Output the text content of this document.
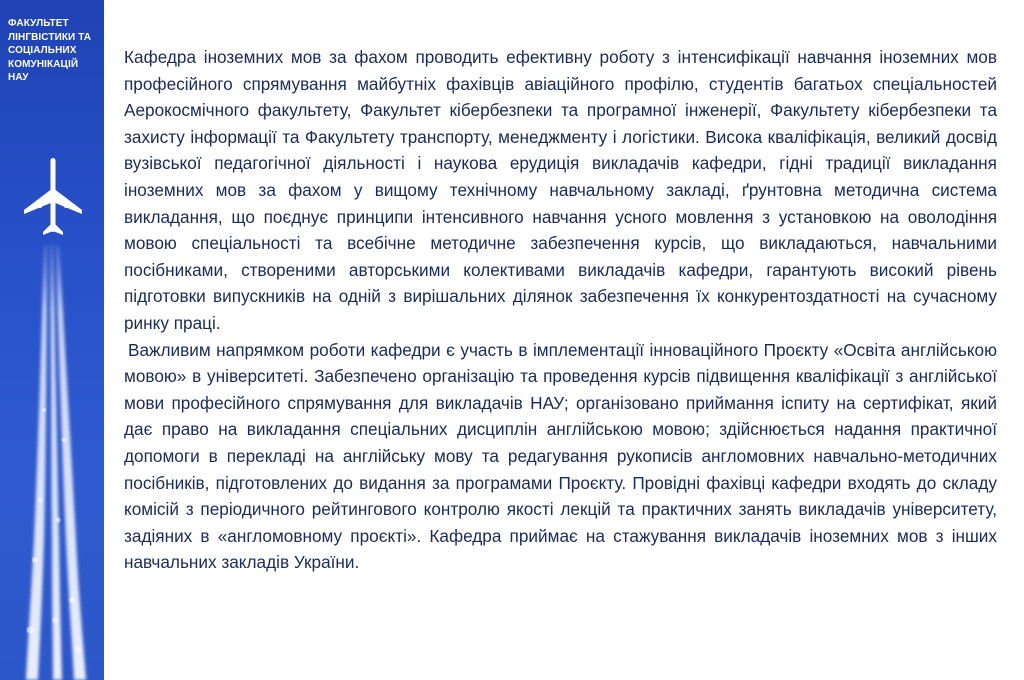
ФАКУЛЬТЕТ
ЛІНГВІСТИКИ ТА
СОЦІАЛЬНИХ
КОМУНІКАЦІЙ
НАУ

Кафедра іноземних мов за фахом проводить ефективну роботу з інтенсифікації навчання іноземних мов професійного спрямування майбутніх фахівців авіаційного профілю, студентів багатьох спеціальностей Аерокосмічного факультету, Факультет кібербезпеки та програмної інженерії, Факультету кібербезпеки та захисту інформації та Факультету транспорту, менеджменту і логістики. Висока кваліфікація, великий досвід вузівської педагогічної діяльності і наукова ерудиція викладачів кафедри, гідні традиції викладання іноземних мов за фахом у вищому технічному навчальному закладі, ґрунтовна методична система викладання, що поєднує принципи інтенсивного навчання усного мовлення з установкою на оволодіння мовою спеціальності та всебічне методичне забезпечення курсів, що викладаються, навчальними посібниками, створеними авторськими колективами викладачів кафедри, гарантують високий рівень підготовки випускників на одній з вирішальних ділянок забезпечення їх конкурентоздатності на сучасному ринку праці.

Важливим напрямком роботи кафедри є участь в імплементації інноваційного Проєкту «Освіта англійською мовою» в університеті. Забезпечено організацію та проведення курсів підвищення кваліфікації з англійської мови професійного спрямування для викладачів НАУ; організовано приймання іспиту на сертифікат, який дає право на викладання спеціальних дисциплін англійською мовою; здійснюється надання практичної допомоги в перекладі на англійську мову та редагування рукописів англомовних навчально-методичних посібників, підготовлених до видання за програмами Проєкту. Провідні фахівці кафедри входять до складу комісій з періодичного рейтингового контролю якості лекцій та практичних занять викладачів університету, задіяних в «англомовному проєкті». Кафедра приймає на стажування викладачів іноземних мов з інших навчальних закладів України.
